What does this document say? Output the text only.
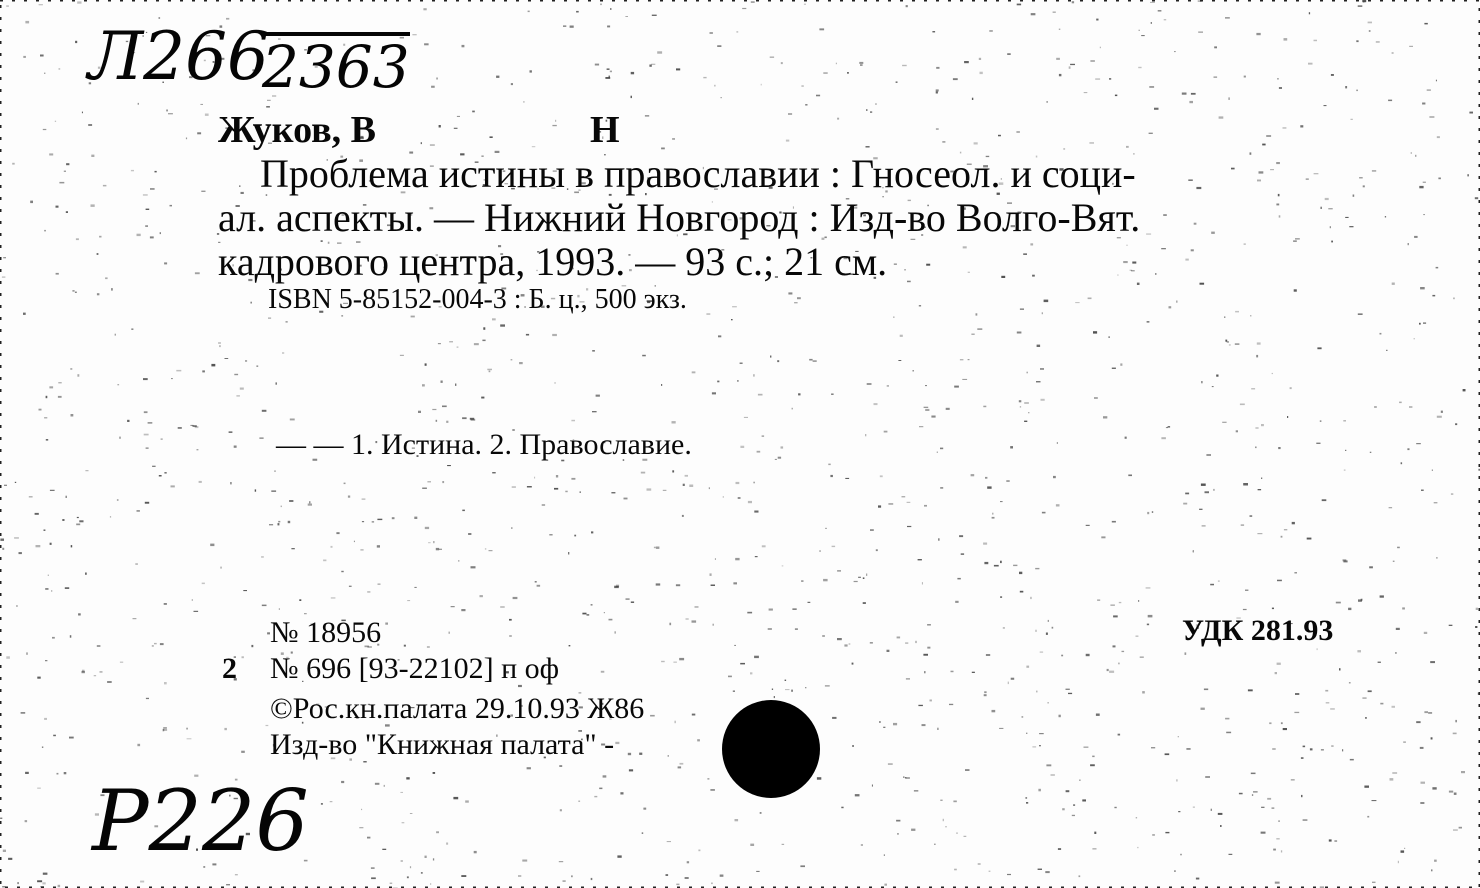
Л266
2363
Жуков, В	Н
Проблема истины в православии : Гносеол. и соци-
ал. аспекты. — Нижний Новгород : Изд-во Волго-Вят.
кадрового центра, 1993. — 93 с.; 21 см.
ISBN 5-85152-004-3 : Б. ц., 500 экз.
— — 1. Истина. 2. Православие.
№ 18956
2 № 696 [93-22102] п оф
©Рос.кн.палата 29.10.93 Ж86
Изд-во "Книжная палата" -
УДК 281.93
Р226
